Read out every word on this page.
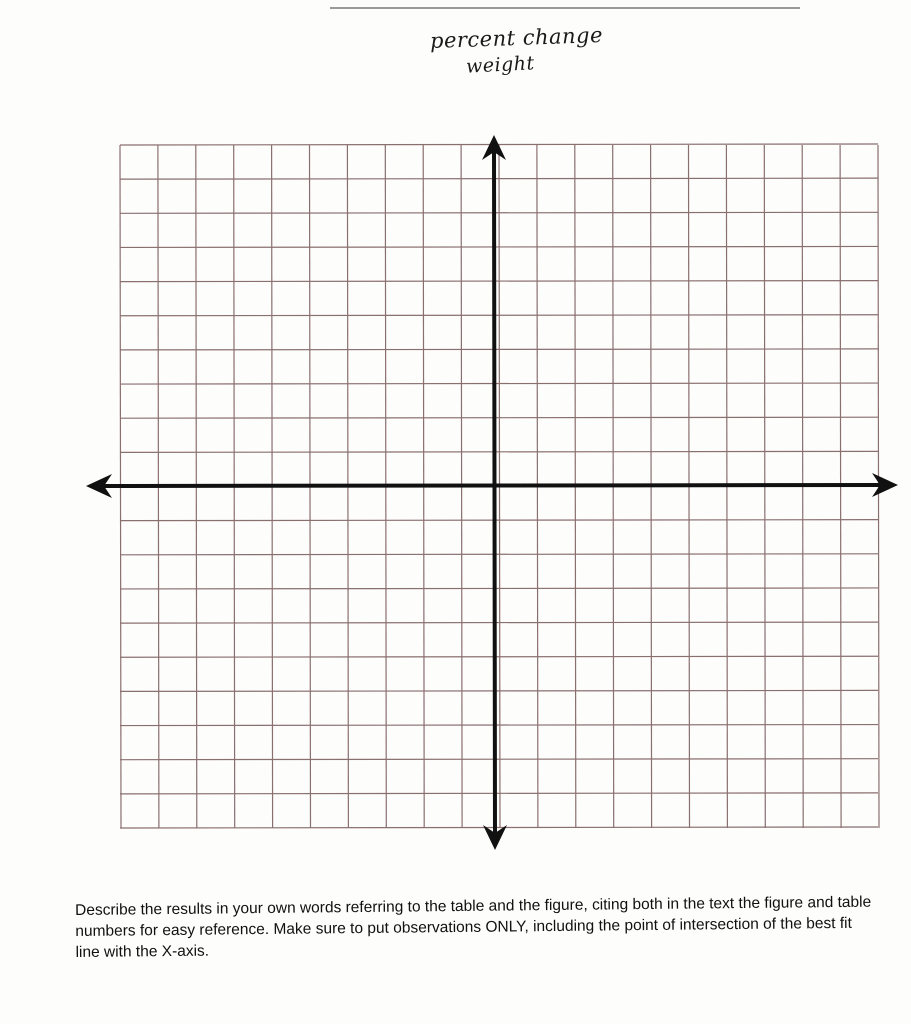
percent change
weight
Describe the results in your own words referring to the table and the figure, citing both in the text the figure and table numbers for easy reference. Make sure to put observations ONLY, including the point of intersection of the best fit line with the X-axis.
